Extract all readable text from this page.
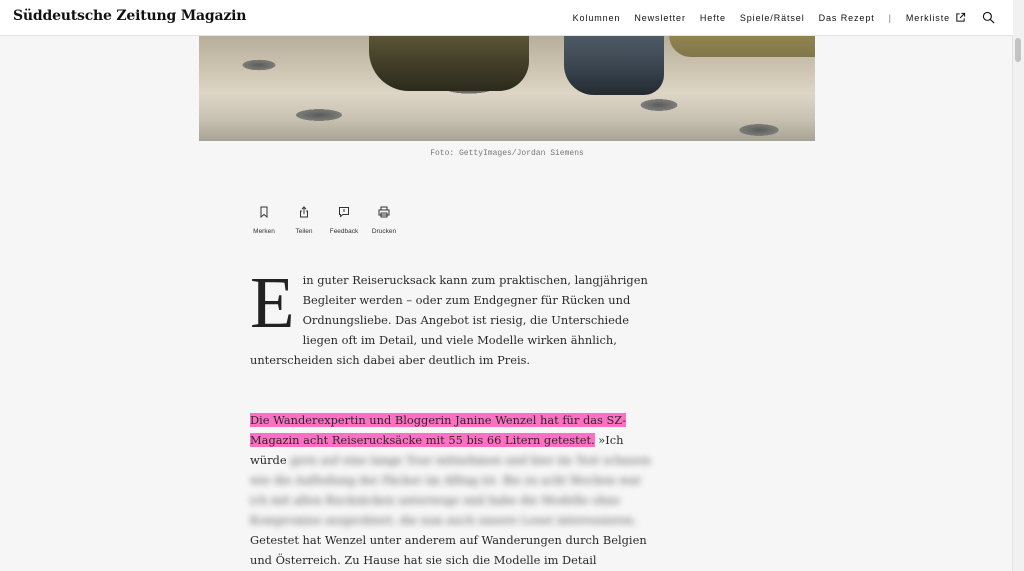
Süddeutsche Zeitung Magazin	Kolumnen Newsletter Hefte Spiele/Rätsel Das Rezept | Merkliste
Foto: GettyImages/Jordan Siemens
Merken	Teilen	Feedback Drucken

E in guter Reiserucksack kann zum praktischen, langjährigen Begleiter werden – oder zum Endgegner für Rücken und Ordnungsliebe. Das Angebot ist riesig, die Unterschiede liegen oft im Detail, und viele Modelle wirken ähnlich, unterscheiden sich dabei aber deutlich im Preis.

Die Wanderexpertin und Bloggerin Janine Wenzel hat für das SZ-Magazin acht Reiserucksäcke mit 55 bis 66 Litern getestet. »Ich würde gern auf eine lange Tour mitnehmen und hier im Test schauen wie die Aufteilung der Fächer im Alltag ist. Bis zu acht Wochen war ich mit allen Rucksäcken unterwegs und habe die Modelle ohne Kompromiss ausprobiert, die nun auch unsere Leser interessieren. Getestet hat Wenzel unter anderem auf Wanderungen durch Belgien und Österreich. Zu Hause hat sie sich die Modelle im Detail
